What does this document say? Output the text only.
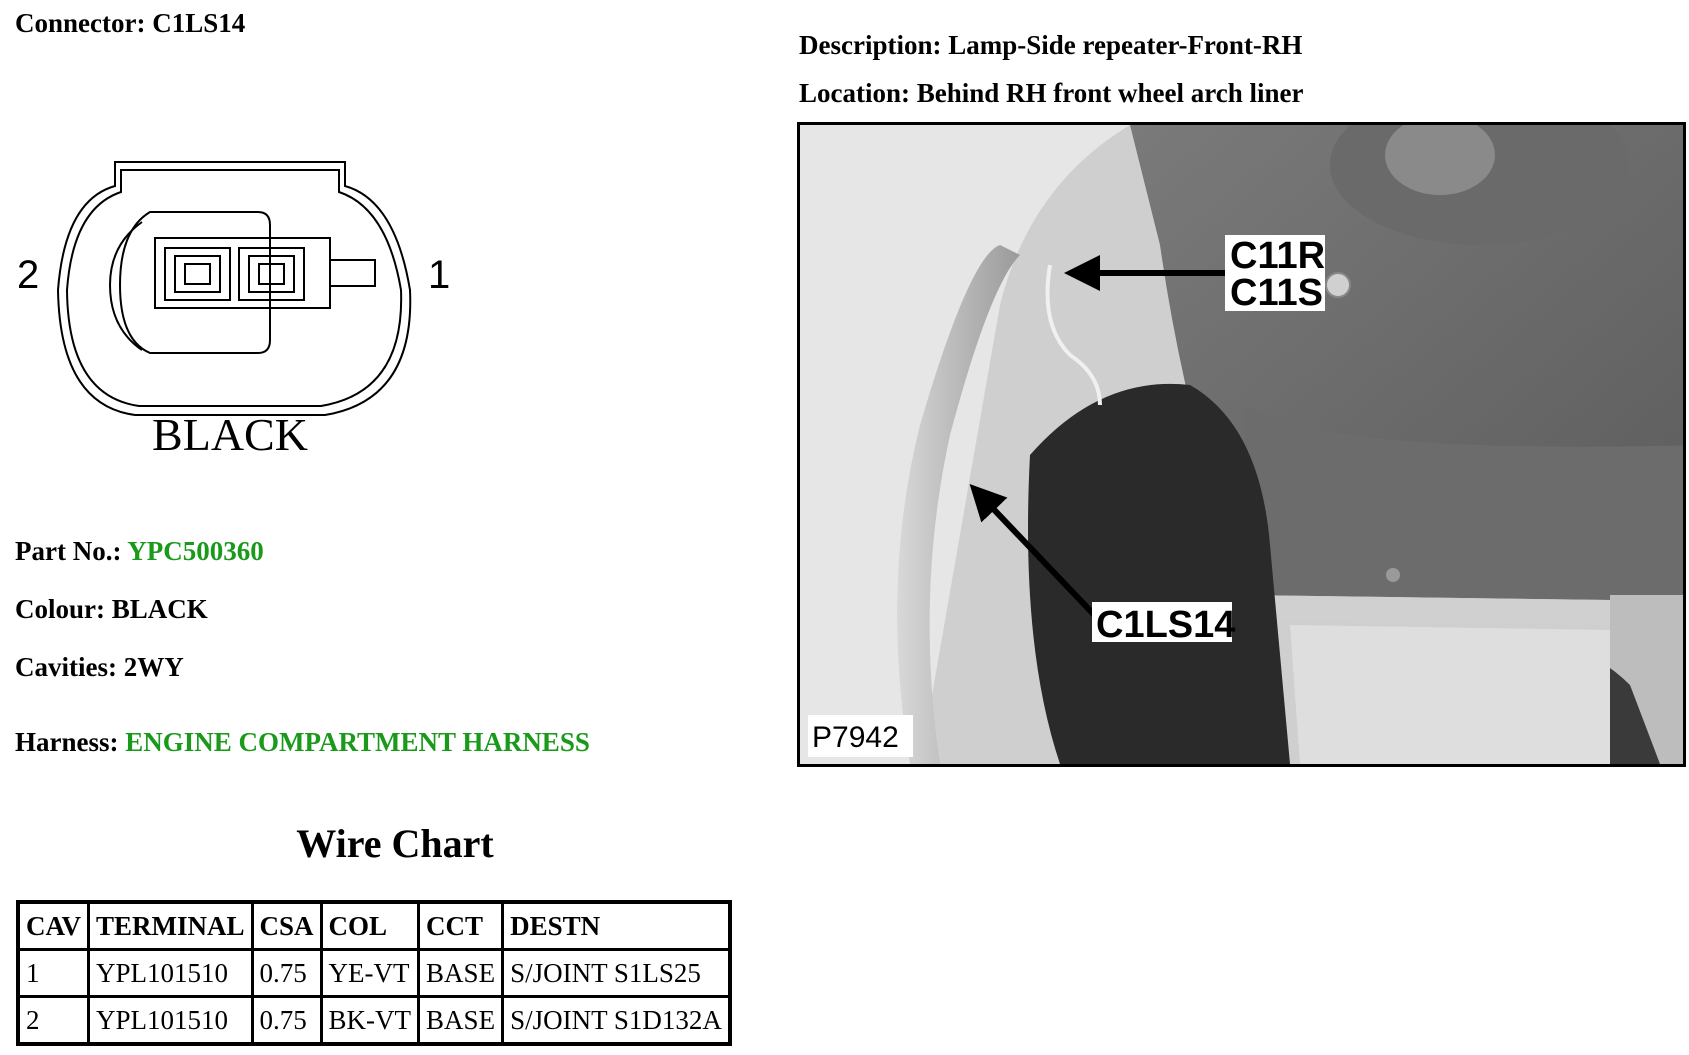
Connector: C1LS14
Description: Lamp-Side repeater-Front-RH
Location: Behind RH front wheel arch liner
2	1
BLACK
Part No.: YPC500360
Colour: BLACK
Cavities: 2WY
Harness: ENGINE COMPARTMENT HARNESS
Wire Chart
CAV	TERMINAL	CSA	COL	CCT	DESTN
1	YPL101510	0.75	YE-VT	BASE	S/JOINT S1LS25
2	YPL101510	0.75	BK-VT	BASE	S/JOINT S1D132A
C11R
C11S
C1LS14
P7942
